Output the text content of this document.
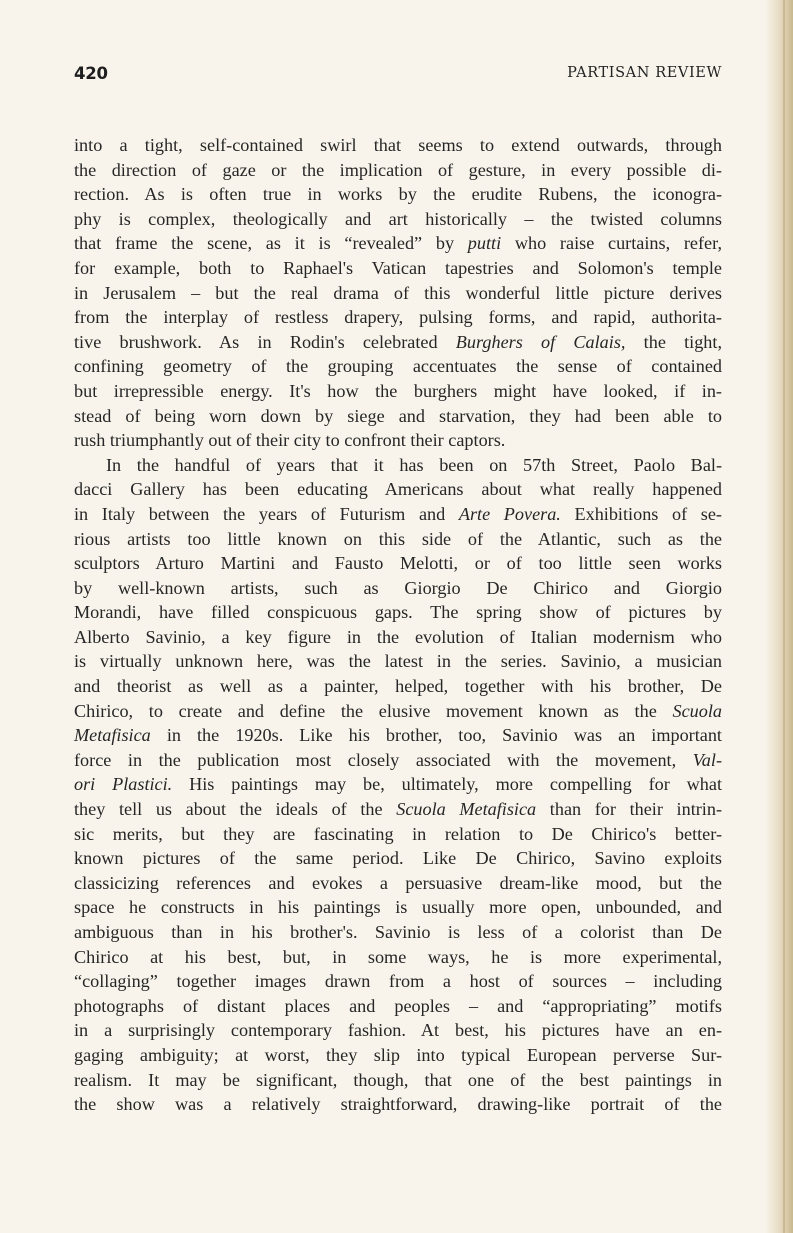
420	PARTISAN REVIEW
into a tight, self-contained swirl that seems to extend outwards, through
the direction of gaze or the implication of gesture, in every possible di-
rection. As is often true in works by the erudite Rubens, the iconogra-
phy is complex, theologically and art historically – the twisted columns
that frame the scene, as it is “revealed” by putti who raise curtains, refer,
for example, both to Raphael's Vatican tapestries and Solomon's temple
in Jerusalem – but the real drama of this wonderful little picture derives
from the interplay of restless drapery, pulsing forms, and rapid, authorita-
tive brushwork. As in Rodin's celebrated Burghers of Calais, the tight,
confining geometry of the grouping accentuates the sense of contained
but irrepressible energy. It's how the burghers might have looked, if in-
stead of being worn down by siege and starvation, they had been able to
rush triumphantly out of their city to confront their captors.
In the handful of years that it has been on 57th Street, Paolo Bal-
dacci Gallery has been educating Americans about what really happened
in Italy between the years of Futurism and Arte Povera. Exhibitions of se-
rious artists too little known on this side of the Atlantic, such as the
sculptors Arturo Martini and Fausto Melotti, or of too little seen works
by well-known artists, such as Giorgio De Chirico and Giorgio
Morandi, have filled conspicuous gaps. The spring show of pictures by
Alberto Savinio, a key figure in the evolution of Italian modernism who
is virtually unknown here, was the latest in the series. Savinio, a musician
and theorist as well as a painter, helped, together with his brother, De
Chirico, to create and define the elusive movement known as the Scuola
Metafisica in the 1920s. Like his brother, too, Savinio was an important
force in the publication most closely associated with the movement, Val-
ori Plastici. His paintings may be, ultimately, more compelling for what
they tell us about the ideals of the Scuola Metafisica than for their intrin-
sic merits, but they are fascinating in relation to De Chirico's better-
known pictures of the same period. Like De Chirico, Savino exploits
classicizing references and evokes a persuasive dream-like mood, but the
space he constructs in his paintings is usually more open, unbounded, and
ambiguous than in his brother's. Savinio is less of a colorist than De
Chirico at his best, but, in some ways, he is more experimental,
“collaging” together images drawn from a host of sources – including
photographs of distant places and peoples – and “appropriating” motifs
in a surprisingly contemporary fashion. At best, his pictures have an en-
gaging ambiguity; at worst, they slip into typical European perverse Sur-
realism. It may be significant, though, that one of the best paintings in
the show was a relatively straightforward, drawing-like portrait of the
